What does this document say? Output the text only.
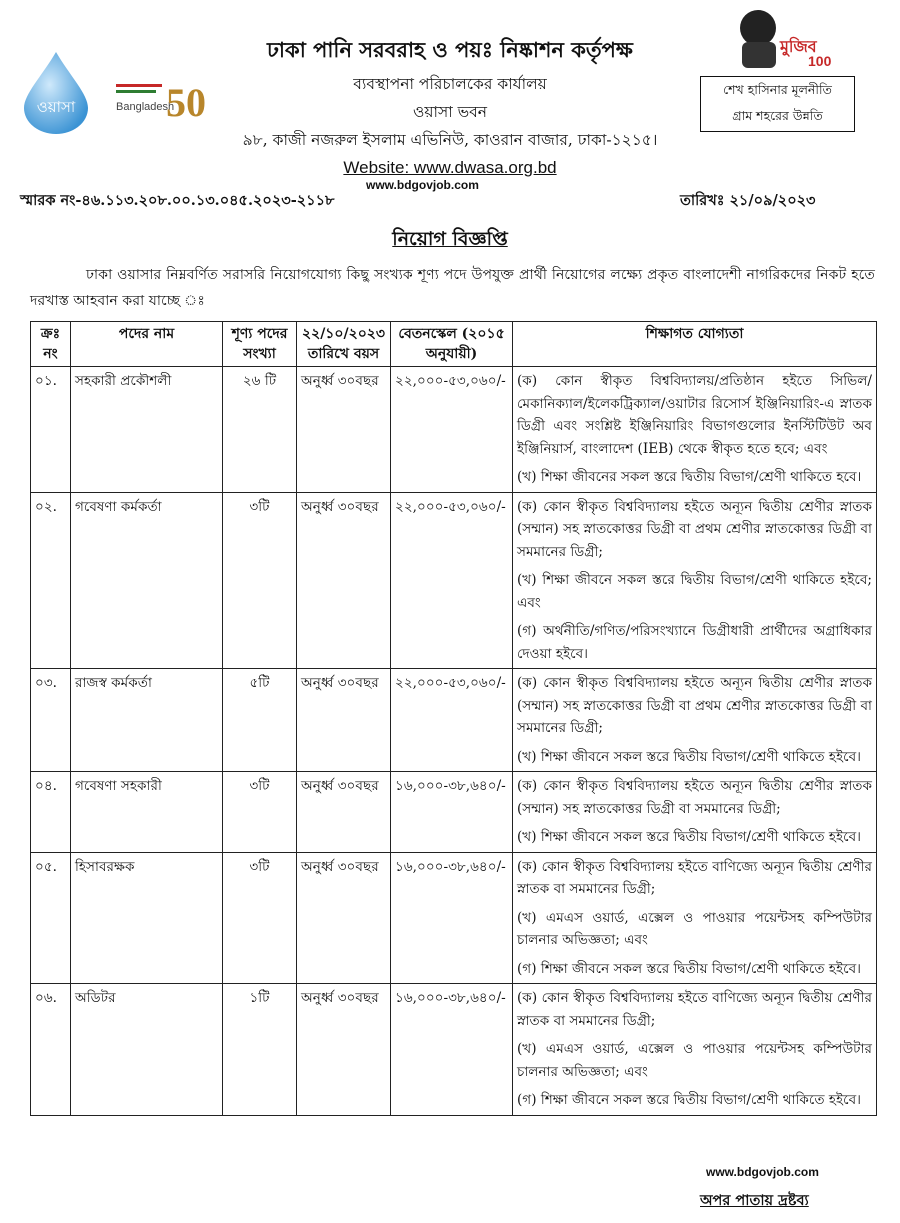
ওয়াসা	Bangladesh
50
মুজিব
100
ঢাকা পানি সরবরাহ ও পয়ঃ নিষ্কাশন কর্তৃপক্ষ
ব্যবস্থাপনা পরিচালকের কার্যালয়
ওয়াসা ভবন
৯৮, কাজী নজরুল ইসলাম এভিনিউ, কাওরান বাজার, ঢাকা-১২১৫।
Website: www.dwasa.org.bd
www.bdgovjob.com
শেখ হাসিনার মূলনীতি
গ্রাম শহরের উন্নতি
স্মারক নং-৪৬.১১৩.২০৮.০০.১৩.০৪৫.২০২৩-২১১৮	তারিখঃ ২১/০৯/২০২৩
নিয়োগ বিজ্ঞপ্তি
ঢাকা ওয়াসার নিম্নবর্ণিত সরাসরি নিয়োগযোগ্য কিছু সংখ্যক শূণ্য পদে উপযুক্ত প্রার্থী নিয়োগের লক্ষ্যে প্রকৃত বাংলাদেশী নাগরিকদের নিকট হতে দরখাস্ত আহবান করা যাচ্ছে ঃ
ক্রঃ নং	পদের নাম	শূণ্য পদের সংখ্যা	২২/১০/২০২৩ তারিখে বয়স	বেতনস্কেল (২০১৫ অনুযায়ী)	শিক্ষাগত যোগ্যতা
০১.	সহকারী প্রকৌশলী	২৬ টি	অনুর্ধ্ব ৩০বছর	২২,০০০-৫৩,০৬০/-	(ক) কোন স্বীকৃত বিশ্ববিদ্যালয়/প্রতিষ্ঠান হইতে সিভিল/মেকানিক্যাল/ইলেকট্রিক্যাল/ওয়াটার রিসোর্স ইঞ্জিনিয়ারিং-এ স্নাতক ডিগ্রী এবং সংশ্লিষ্ট ইঞ্জিনিয়ারিং বিভাগগুলোর ইনস্টিটিউট অব ইঞ্জিনিয়ার্স, বাংলাদেশ (IEB) থেকে স্বীকৃত হতে হবে; এবং

(খ) শিক্ষা জীবনের সকল স্তরে দ্বিতীয় বিভাগ/শ্রেণী থাকিতে হবে।

০২.	গবেষণা কর্মকর্তা	৩টি	অনুর্ধ্ব ৩০বছর	২২,০০০-৫৩,০৬০/-	(ক) কোন স্বীকৃত বিশ্ববিদ্যালয় হইতে অন্যূন দ্বিতীয় শ্রেণীর স্নাতক (সম্মান) সহ স্নাতকোত্তর ডিগ্রী বা প্রথম শ্রেণীর স্নাতকোত্তর ডিগ্রী বা সমমানের ডিগ্রী;

(খ) শিক্ষা জীবনে সকল স্তরে দ্বিতীয় বিভাগ/শ্রেণী থাকিতে হইবে; এবং

(গ) অর্থনীতি/গণিত/পরিসংখ্যানে ডিগ্রীধারী প্রার্থীদের অগ্রাধিকার দেওয়া হইবে।

০৩.	রাজস্ব কর্মকর্তা	৫টি	অনুর্ধ্ব ৩০বছর	২২,০০০-৫৩,০৬০/-	(ক) কোন স্বীকৃত বিশ্ববিদ্যালয় হইতে অন্যূন দ্বিতীয় শ্রেণীর স্নাতক (সম্মান) সহ স্নাতকোত্তর ডিগ্রী বা প্রথম শ্রেণীর স্নাতকোত্তর ডিগ্রী বা সমমানের ডিগ্রী;

(খ) শিক্ষা জীবনে সকল স্তরে দ্বিতীয় বিভাগ/শ্রেণী থাকিতে হইবে।

০৪.	গবেষণা সহকারী	৩টি	অনুর্ধ্ব ৩০বছর	১৬,০০০-৩৮,৬৪০/-	(ক) কোন স্বীকৃত বিশ্ববিদ্যালয় হইতে অন্যূন দ্বিতীয় শ্রেণীর স্নাতক (সম্মান) সহ স্নাতকোত্তর ডিগ্রী বা সমমানের ডিগ্রী;

(খ) শিক্ষা জীবনে সকল স্তরে দ্বিতীয় বিভাগ/শ্রেণী থাকিতে হইবে।

০৫.	হিসাবরক্ষক	৩টি	অনুর্ধ্ব ৩০বছর	১৬,০০০-৩৮,৬৪০/-	(ক) কোন স্বীকৃত বিশ্ববিদ্যালয় হইতে বাণিজ্যে অন্যূন দ্বিতীয় শ্রেণীর স্নাতক বা সমমানের ডিগ্রী;

(খ) এমএস ওয়ার্ড, এক্সেল ও পাওয়ার পয়েন্টসহ কম্পিউটার চালনার অভিজ্ঞতা; এবং

(গ) শিক্ষা জীবনে সকল স্তরে দ্বিতীয় বিভাগ/শ্রেণী থাকিতে হইবে।

০৬.	অডিটর	১টি	অনুর্ধ্ব ৩০বছর	১৬,০০০-৩৮,৬৪০/-	(ক) কোন স্বীকৃত বিশ্ববিদ্যালয় হইতে বাণিজ্যে অন্যূন দ্বিতীয় শ্রেণীর স্নাতক বা সমমানের ডিগ্রী;

(খ) এমএস ওয়ার্ড, এক্সেল ও পাওয়ার পয়েন্টসহ কম্পিউটার চালনার অভিজ্ঞতা; এবং

(গ) শিক্ষা জীবনে সকল স্তরে দ্বিতীয় বিভাগ/শ্রেণী থাকিতে হইবে।

www.bdgovjob.com
অপর পাতায় দ্রষ্টব্য
